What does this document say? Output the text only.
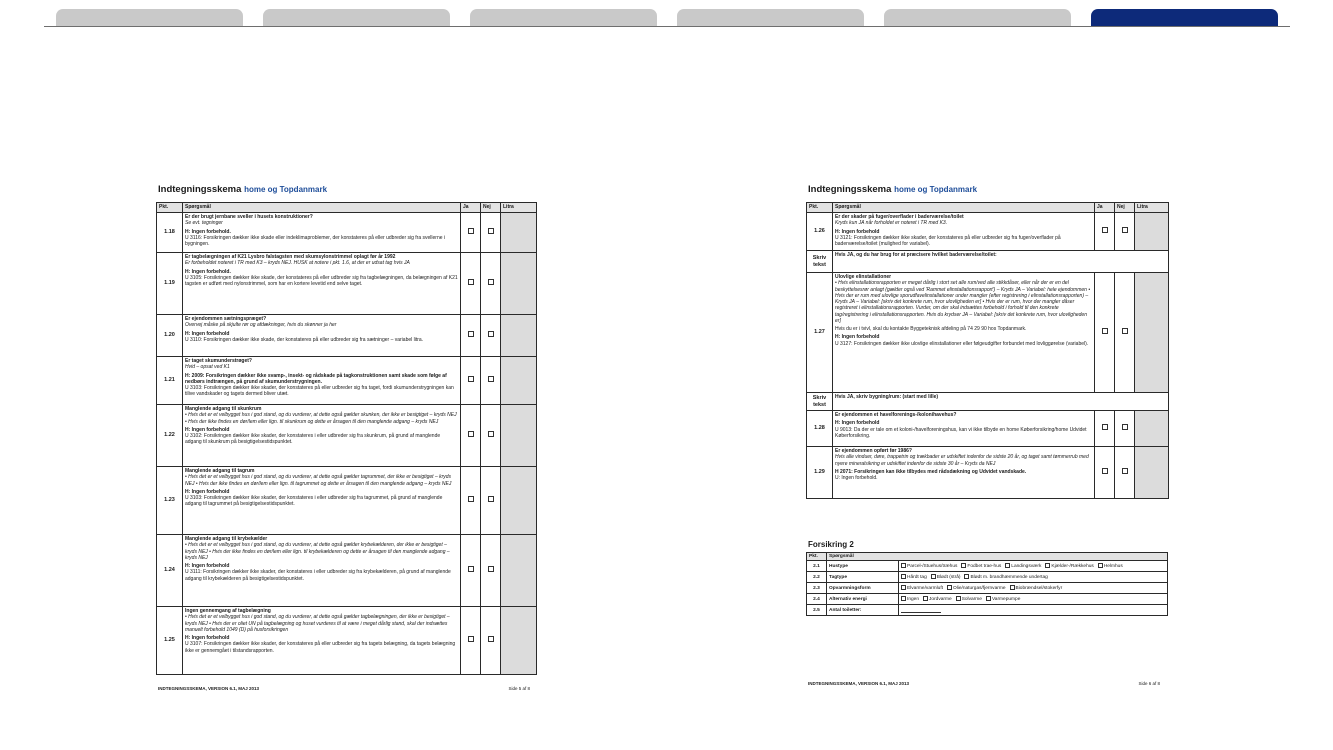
Indtegningsskema home og Topdanmark
Pkt.	Spørgsmål	Ja	Nej	Litra
1.18	Er der brugt jernbane sveller i husets konstruktioner?
Se evt. tegninger
H: Ingen forbehold.
U 3116: Forsikringen dækker ikke skade eller indeklimaproblemer, der konstateres på eller udbreder sig fra svellerne i bygningen.			
1.19	Er tagbelægningen af K21 Lysbro falstagsten med skumsylonstrimmel oplagt før år 1992
Er forbeholdet noteret i TR med K3 – kryds NEJ. HUSK at notere i pkt. 1.6, at der er udsat tag hvis JA
H: Ingen forbehold.
U 3105: Forsikringen dækker ikke skade, der konstateres på eller udbreder sig fra tagbelægningen, da belægningen af K21 tagsten er udført med nylonstrimmel, som har en kortere levetid end selve taget.			
1.20	Er ejendommen sætningspræget?
Overvej måske på skjulte rør og afdækninger, hvis du skønner ja her
H: Ingen forbehold
U 3110: Forsikringen dækker ikke skade, der konstateres på eller udbreder sig fra sætninger – variabel litra.			
1.21	Er taget skumunderstrøget?
Hvid – opsat ved K1
H: 2009: Forsikringen dækker ikke svamp-, insekt- og rådskade på tagkonstruktionen samt skade som følge af nedbørs indtrængen, på grund af skumunderstrygningen.
U 3103: Forsikringen dækker ikke skader, der konstateres på eller udbreder sig fra taget, fordi skumunderstrygningen kan tilive vandskader og tagets dermed bliver utæt.			
1.22	Manglende adgang til skunkrum
• Hvis det er et velbygget hus i god stand, og du vurderer, at dette også gælder skunken, der ikke er besigtiget – kryds NEJ • Hvis der ikke findes en dør/lem eller lign. til skunkrum og dette er årsagen til den manglende adgang – kryds NEJ
H: Ingen forbehold
U 3102: Forsikringen dækker ikke skader, der konstateres i eller udbreder sig fra skunkrum, på grund af manglende adgang til skunkrum på besigtigelsestidspunktet.			
1.23	Manglende adgang til tagrum
• Hvis det er et velbygget hus i god stand, og du vurderer, at dette også gælder tagrummet, der ikke er besigtiget – kryds NEJ • Hvis der ikke findes en dør/lem eller lign. til tagrummet og dette er årsagen til den manglende adgang – kryds NEJ
H: Ingen forbehold
U 3103: Forsikringen dækker ikke skader, der konstateres i eller udbreder sig fra tagrummet, på grund af manglende adgang til tagrummet på besigtigelsestidspunktet.			
1.24	Manglende adgang til krybekælder
• Hvis det er et velbygget hus i god stand, og du vurderer, at dette også gælder krybekælderen, der ikke er besigtiget – kryds NEJ • Hvis der ikke findes en dør/lem eller lign. til krybekælderen og dette er årsagen til den manglende adgang – kryds NEJ
H: Ingen forbehold
U 3111: Forsikringen dækker ikke skader, der konstateres i eller udbreder sig fra krybekælderen, på grund af manglende adgang til krybekælderen på besigtigelsestidspunktet.			
1.25	Ingen gennemgang af tagbelægning
• Hvis det er et velbygget hus i god stand, og du vurderer, at dette også gælder tagbelægningen, der ikke er besigtiget – kryds NEJ • Hvis der er oliet UN på tagbelægning og huset vurderes til at være i meget dårlig stand, skal der indsættes manuelt forbehold 1049 (D) på husforsikringen
H: Ingen forbehold
U 3107: Forsikringen dækker ikke skader, der konstateres på eller udbreder sig fra tagets belægning, da tagets belægning ikke er gennemgået i tilstandsrapporten.			
INDTEGNINGSSKEMA, VERSION 6.1, MAJ 2013	Side 5 af 8
Indtegningsskema home og Topdanmark
Pkt.	Spørgsmål	Ja	Nej	Litra
1.26	Er der skader på fuger/overflader i baderværelse/toilet
Kryds kun JA når forholdet er noteret i TR med K3.
H: Ingen forbehold
U 3121: Forsikringen dækker ikke skader, der konstateres på eller udbreder sig fra fuger/overflader på baderværelse/toilet (mulighed for variabel).			
Skriv tekst	Hvis JA, og du har brug for at præcisere hvilket baderværelse/toilet:			

1.27	Ulovlige elinstallationer
• Hvis elinstallationsrapporten er meget dårlig i stort set alle rum/ved alle stikkdåser, eller når der er en del beskyttelsesrør anlagt (gælder også ved 'Rammet elinstallationsrapport') – Kryds JA – Variabel: hele ejendommen • Hvis der er rum med ulovlige sporudfavelinstallationer under mangler (efter registrering i elinstallationsrapporten) – Kryds JA – Variabel: [skriv det konkrete rum, hvor ulovligheden er] • Hvis der er rum, hvor der mangler dåser registreret i elinstallationsrapporten. Vurder, om der skal indsættes forbehold i forhold til den konkrete tag/registrering i elinstallationsrapporten. Hvis du krydser JA – Variabel: [skriv det konkrete rum, hvor ulovligheden er]
Hvis du er i tvivl, skal du kontakte Byggeteknisk afdeling på 74 29 90 hos Topdanmark.
H: Ingen forbehold
U 3127: Forsikringen dækker ikke ulovlige elinstallationer eller følgeudgifter forbundet med lovliggørelse (variabel).			
Skriv tekst	Hvis JA, skriv bygning/rum: (start med lille)			

1.28	Er ejendommen et havelforenings-/kolonihavehus?
H: Ingen forbehold
U 9013: Da der er tale om et koloni-/havelforeningshus, kan vi ikke tilbyde en home Køberforsikring/home Udvidet Køberforsikring.			
1.29	Er ejendommen opført før 1986?
Hvis alle vinduer, døre, trappetrin og trækbader er udskiftet indenfor de sidste 20 år, og taget samt tømmerrub med nyere mineralsikring er udskiftet indenfor de sidste 30 år – Kryds da NEJ
H 2071: Forsikringen kan ikke tilbydes med rådsdækning og Udvidet vandskade.
U: Ingen forbehold.			
Forsikring 2
Pkt.	Spørgsmål	
2.1	Hustype	Parcel-/Stuehus/træhus Fodbet trae-hus Landingsværk Kjælder-/Rækkehus Helmhus
2.2	Tagtype	Hårdt tag Blødt (strå) Blødt m. brandhæmmende undertag
2.3	Opvarmningsform	Elvarme/varmluft Olie/naturgas/fjernvarme Biobrændsel/stokerfyr
2.4	Alternativ energi	Ingen Jordvarme Solvarme Varmepumpe
2.5	Antal toiletter:	
INDTEGNINGSSKEMA, VERSION 6.1, MAJ 2013	Side 6 af 8
